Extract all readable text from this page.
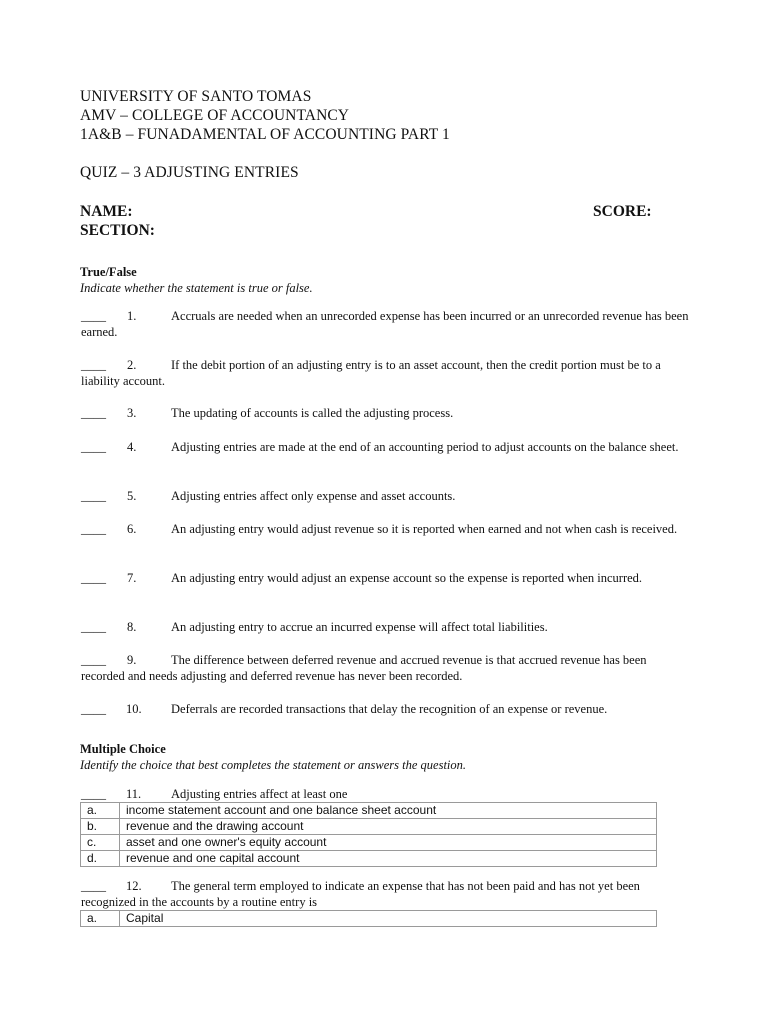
UNIVERSITY OF SANTO TOMAS
AMV – COLLEGE OF ACCOUNTANCY
1A&B – FUNADAMENTAL OF ACCOUNTING PART 1
QUIZ – 3 ADJUSTING ENTRIES
NAME:	SCORE:
SECTION:
True/False
Indicate whether the statement is true or false.
____ 1.	Accruals are needed when an unrecorded expense has been incurred or an unrecorded revenue has been earned.
____ 2.	If the debit portion of an adjusting entry is to an asset account, then the credit portion must be to a liability account.
____ 3.	The updating of accounts is called the adjusting process.
____ 4.	Adjusting entries are made at the end of an accounting period to adjust accounts on the balance sheet.
____ 5.	Adjusting entries affect only expense and asset accounts.
____ 6.	An adjusting entry would adjust revenue so it is reported when earned and not when cash is received.
____ 7.	An adjusting entry would adjust an expense account so the expense is reported when incurred.
____ 8.	An adjusting entry to accrue an incurred expense will affect total liabilities.
____ 9.	The difference between deferred revenue and accrued revenue is that accrued revenue has been recorded and needs adjusting and deferred revenue has never been recorded.
____ 10. Deferrals are recorded transactions that delay the recognition of an expense or revenue.
Multiple Choice
Identify the choice that best completes the statement or answers the question.
____ 11. Adjusting entries affect at least one
a.	income statement account and one balance sheet account
b.	revenue and the drawing account
c.	asset and one owner's equity account
d.	revenue and one capital account
____ 12. The general term employed to indicate an expense that has not been paid and has not yet been recognized in the accounts by a routine entry is
a.	Capital
